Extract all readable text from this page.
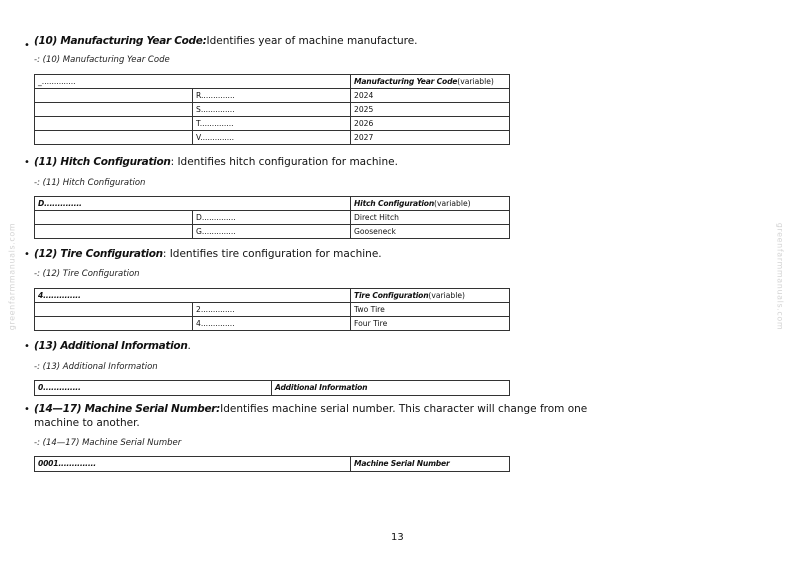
greenfarmmanuals.com	greenfarmmanuals.com
• (10) Manufacturing Year Code:Identifies year of machine manufacture.
-: (10) Manufacturing Year Code
_..............		Manufacturing Year Code(variable)
	R..............	2024
	S..............	2025
	T..............	2026
	V..............	2027
• (11) Hitch Configuration: Identifies hitch configuration for machine.
-: (11) Hitch Configuration
D..............		Hitch Configuration(variable)
	D..............	Direct Hitch
	G..............	Gooseneck
• (12) Tire Configuration: Identifies tire configuration for machine.
-: (12) Tire Configuration
4..............		Tire Configuration(variable)
	2..............	Two Tire
	4..............	Four Tire
• (13) Additional Information.
-: (13) Additional Information
0..............	Additional Information
• (14—17) Machine Serial Number:Identifies machine serial number. This character will change from one
machine to another.
-: (14—17) Machine Serial Number
0001..............	Machine Serial Number
13
